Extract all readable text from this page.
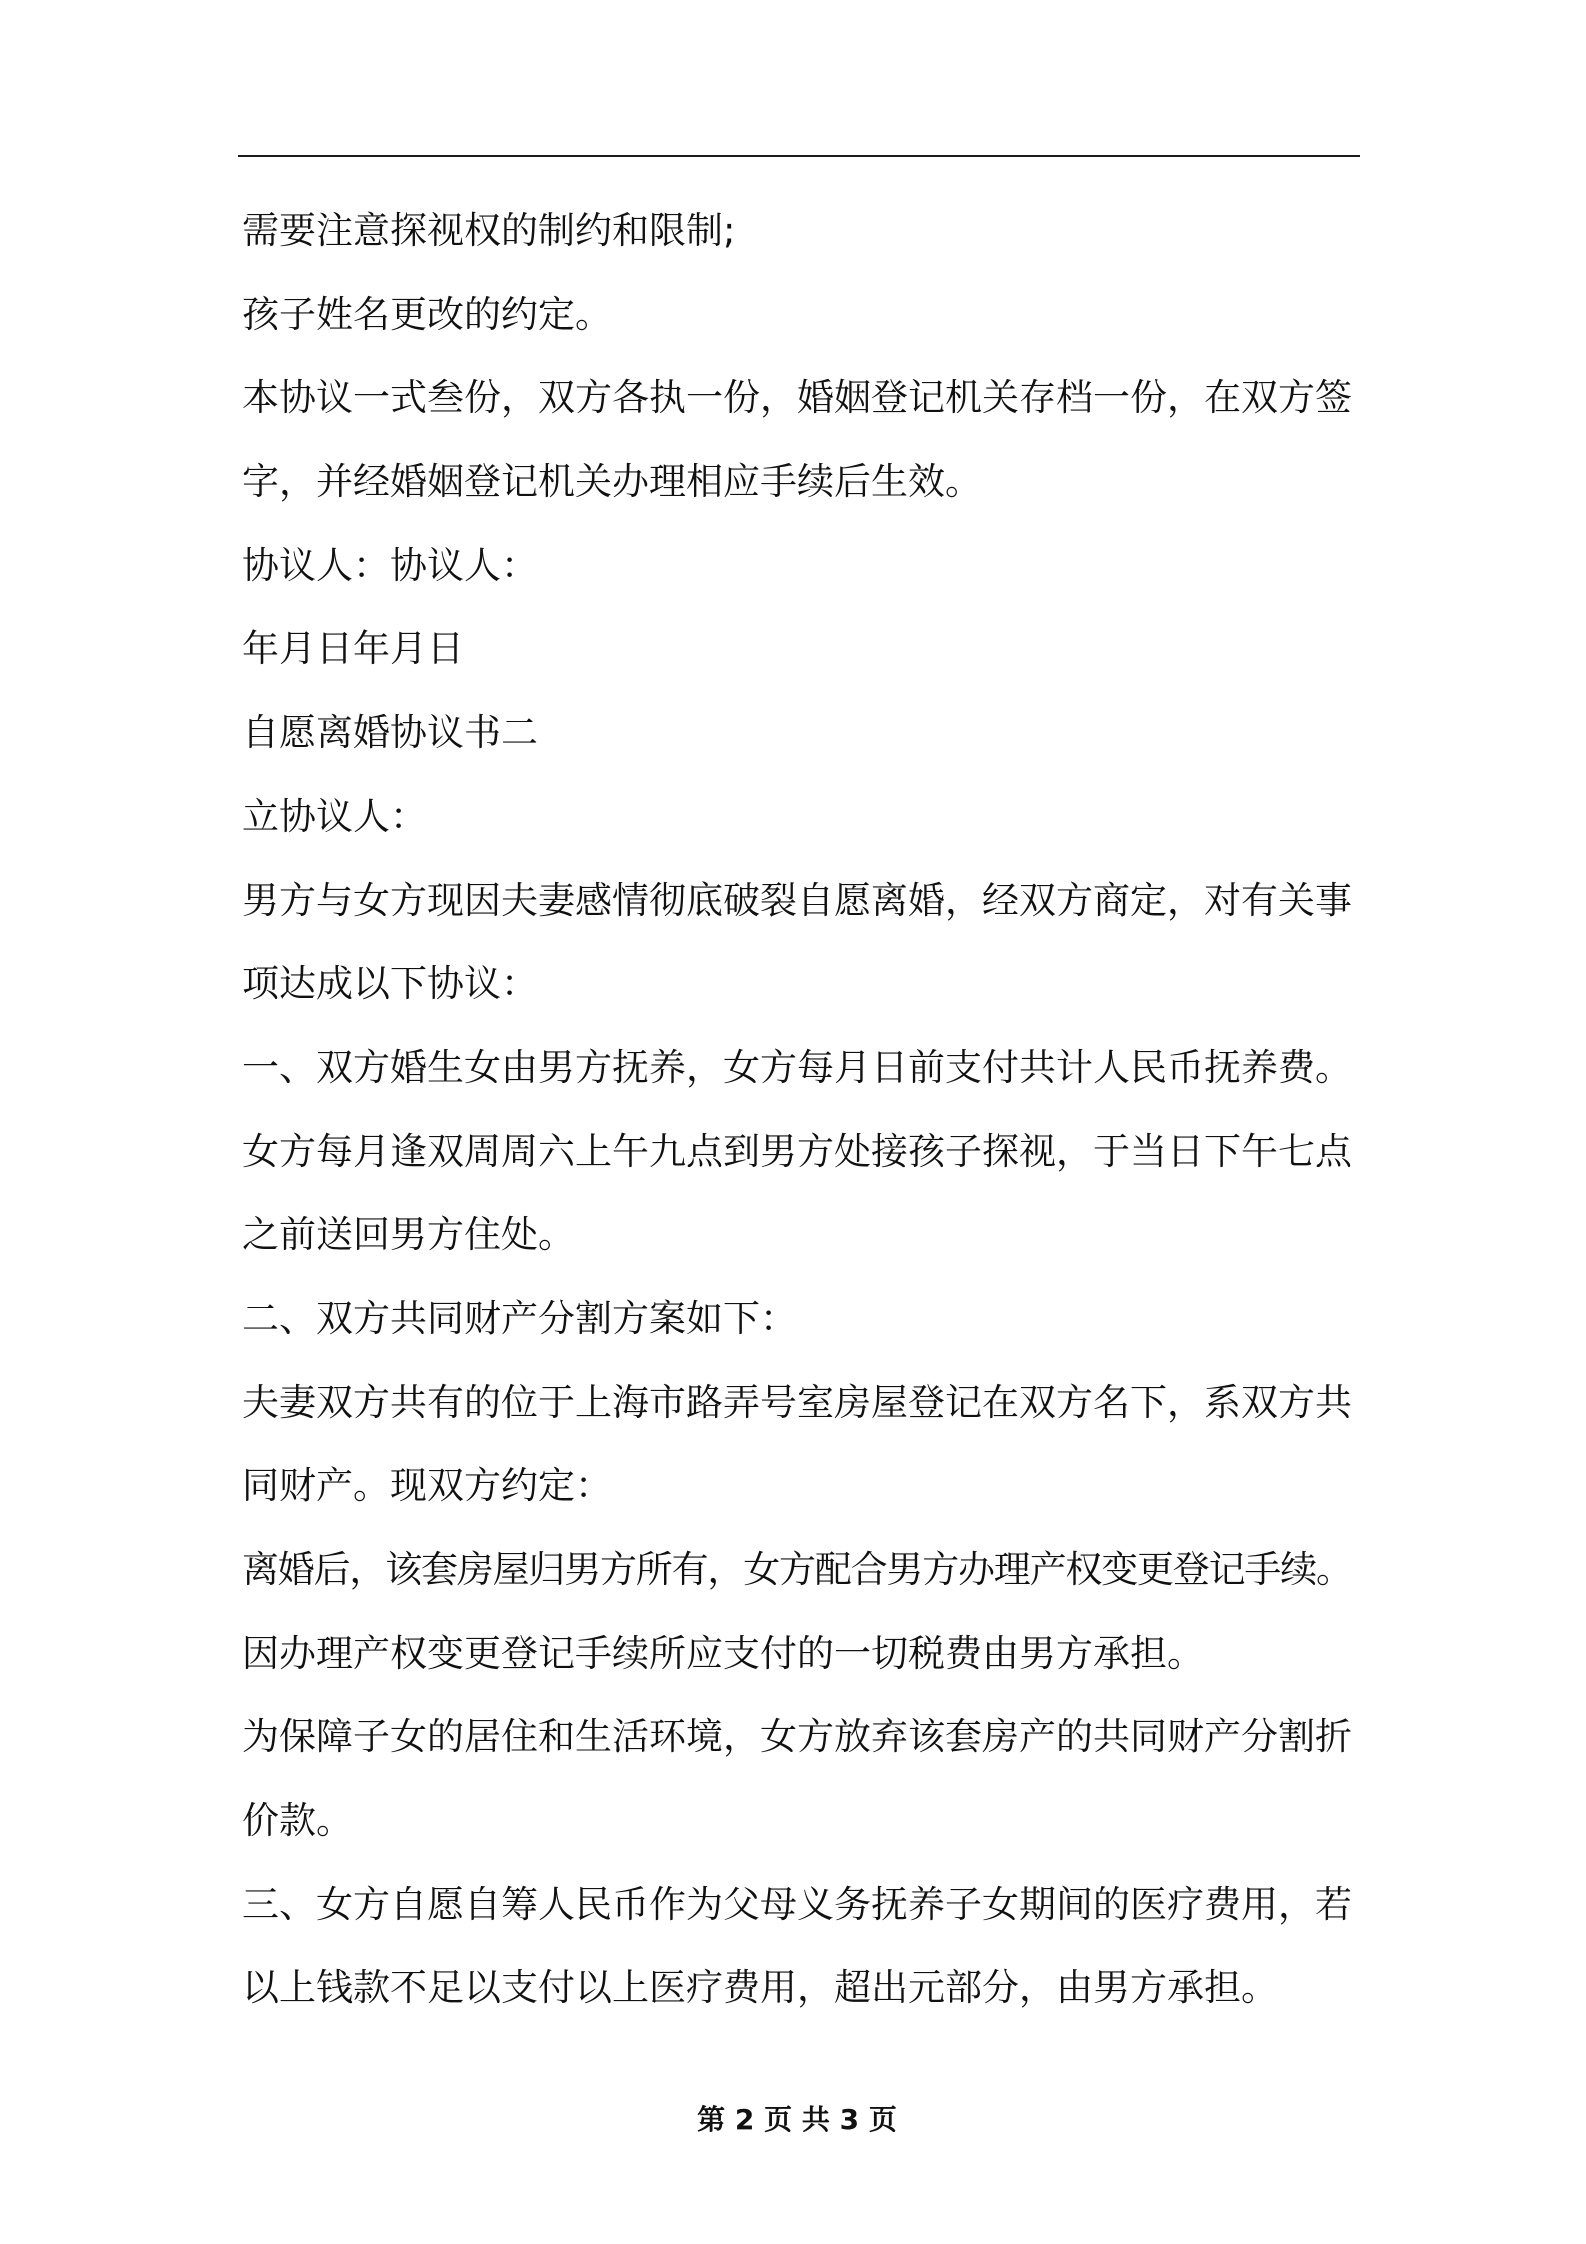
需要注意探视权的制约和限制;
孩子姓名更改的约定。
本协议一式叁份，双方各执一份，婚姻登记机关存档一份，在双方签
字，并经婚姻登记机关办理相应手续后生效。
协议人：协议人：
年月日年月日
自愿离婚协议书二
立协议人：
男方与女方现因夫妻感情彻底破裂自愿离婚，经双方商定，对有关事
项达成以下协议：
一、双方婚生女由男方抚养，女方每月日前支付共计人民币抚养费。
女方每月逢双周周六上午九点到男方处接孩子探视，于当日下午七点
之前送回男方住处。
二、双方共同财产分割方案如下：
夫妻双方共有的位于上海市路弄号室房屋登记在双方名下，系双方共
同财产。现双方约定：
离婚后，该套房屋归男方所有，女方配合男方办理产权变更登记手续。
因办理产权变更登记手续所应支付的一切税费由男方承担。
为保障子女的居住和生活环境，女方放弃该套房产的共同财产分割折
价款。
三、女方自愿自筹人民币作为父母义务抚养子女期间的医疗费用，若
以上钱款不足以支付以上医疗费用，超出元部分，由男方承担。
第 2 页 共 3 页
